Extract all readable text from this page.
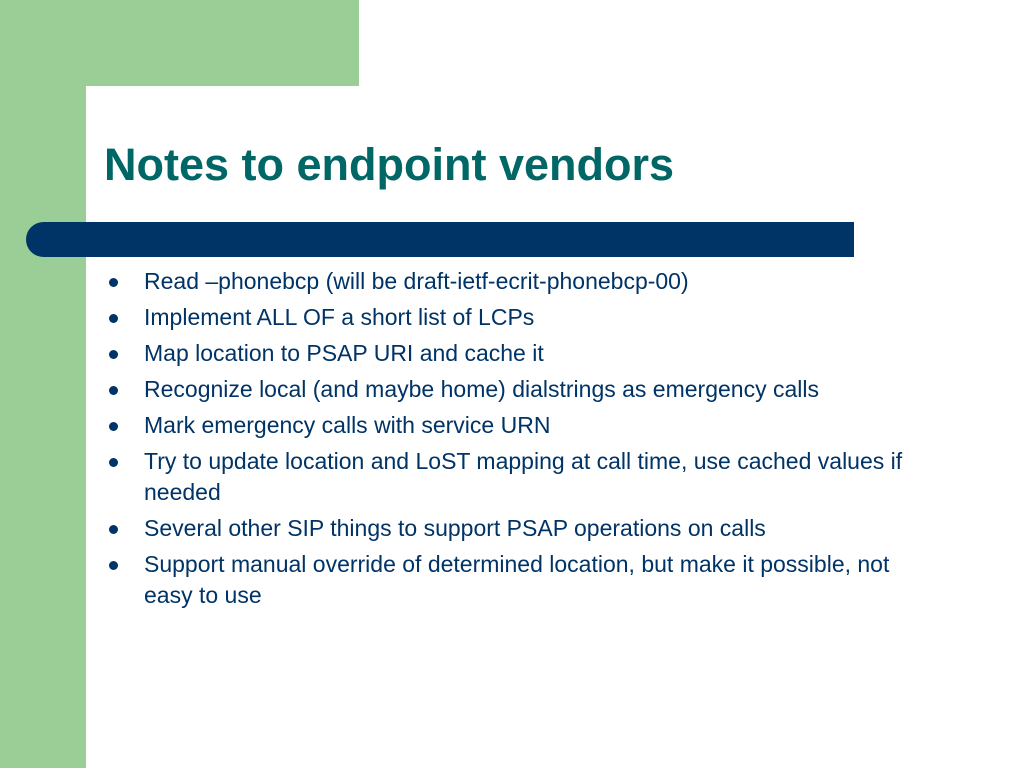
Notes to endpoint vendors
Read –phonebcp (will be draft-ietf-ecrit-phonebcp-00)
Implement ALL OF a short list of LCPs
Map location to PSAP URI and cache it
Recognize local (and maybe home) dialstrings as emergency calls
Mark emergency calls with service URN
Try to update location and LoST mapping at call time, use cached values if needed
Several other SIP things to support PSAP operations on calls
Support manual override of determined location, but make it possible, not easy to use
